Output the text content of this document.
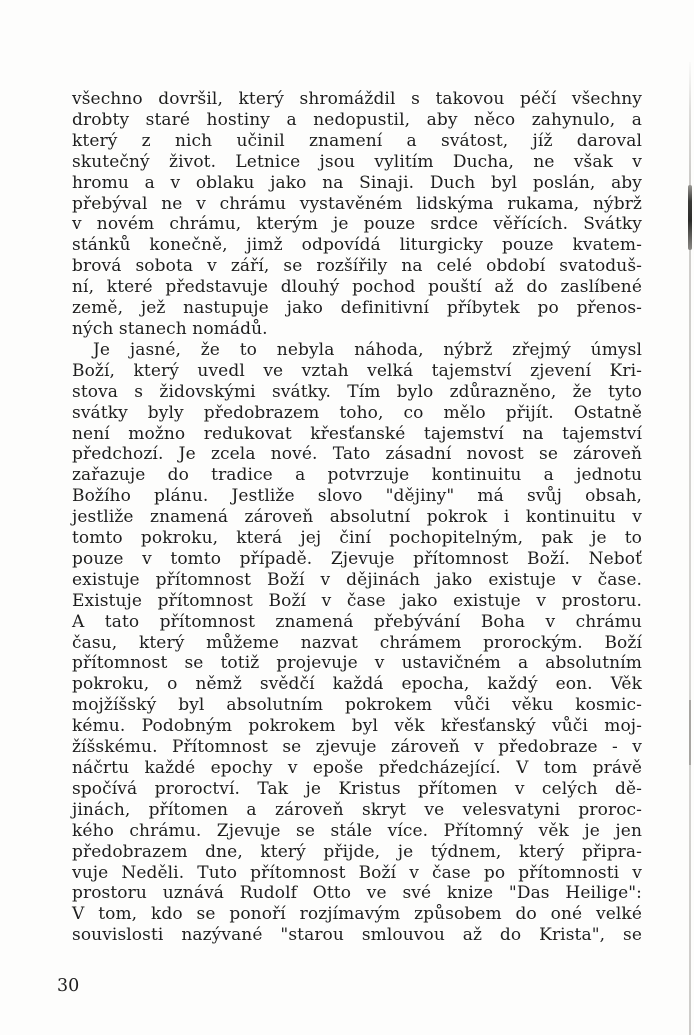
všechno dovršil, který shromáždil s takovou péčí všechny
drobty staré hostiny a nedopustil, aby něco zahynulo, a
který z nich učinil znamení a svátost, jíž daroval
skutečný život. Letnice jsou vylitím Ducha, ne však v
hromu a v oblaku jako na Sinaji. Duch byl poslán, aby
přebýval ne v chrámu vystavěném lidskýma rukama, nýbrž
v novém chrámu, kterým je pouze srdce věřících. Svátky
stánků konečně, jimž odpovídá liturgicky pouze kvatem-
brová sobota v září, se rozšířily na celé období svatoduš-
ní, které představuje dlouhý pochod pouští až do zaslíbené
země, jež nastupuje jako definitivní příbytek po přenos-
ných stanech nomádů.
Je jasné, že to nebyla náhoda, nýbrž zřejmý úmysl
Boží, který uvedl ve vztah velká tajemství zjevení Kri-
stova s židovskými svátky. Tím bylo zdůrazněno, že tyto
svátky byly předobrazem toho, co mělo přijít. Ostatně
není možno redukovat křesťanské tajemství na tajemství
předchozí. Je zcela nové. Tato zásadní novost se zároveň
zařazuje do tradice a potvrzuje kontinuitu a jednotu
Božího plánu. Jestliže slovo "dějiny" má svůj obsah,
jestliže znamená zároveň absolutní pokrok i kontinuitu v
tomto pokroku, která jej činí pochopitelným, pak je to
pouze v tomto případě. Zjevuje přítomnost Boží. Neboť
existuje přítomnost Boží v dějinách jako existuje v čase.
Existuje přítomnost Boží v čase jako existuje v prostoru.
A tato přítomnost znamená přebývání Boha v chrámu
času, který můžeme nazvat chrámem prorockým. Boží
přítomnost se totiž projevuje v ustavičném a absolutním
pokroku, o němž svědčí každá epocha, každý eon. Věk
mojžíšský byl absolutním pokrokem vůči věku kosmic-
kému. Podobným pokrokem byl věk křesťanský vůči moj-
žíšskému. Přítomnost se zjevuje zároveň v předobraze - v
náčrtu každé epochy v epoše předcházející. V tom právě
spočívá proroctví. Tak je Kristus přítomen v celých dě-
jinách, přítomen a zároveň skryt ve velesvatyni proroc-
kého chrámu. Zjevuje se stále více. Přítomný věk je jen
předobrazem dne, který přijde, je týdnem, který připra-
vuje Neděli. Tuto přítomnost Boží v čase po přítomnosti v
prostoru uznává Rudolf Otto ve své knize "Das Heilige":
V tom, kdo se ponoří rozjímavým způsobem do oné velké
souvislosti nazývané "starou smlouvou až do Krista", se
30
